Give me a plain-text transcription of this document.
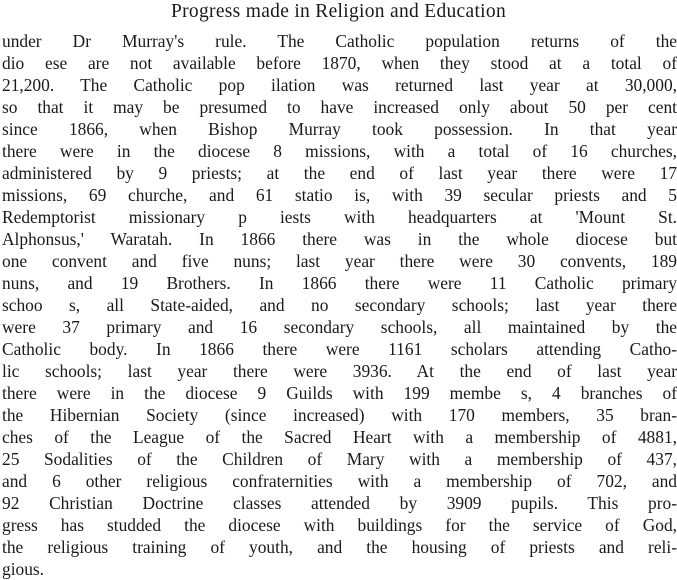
Progress made in Religion and Education
under Dr Murray's rule. The Catholic population returns of the
dio ese are not available before 1870, when they stood at a total of
21,200. The Catholic pop ilation was returned last year at 30,000,
so that it may be presumed to have increased only about 50 per cent
since 1866, when Bishop Murray took possession. In that year
there were in the diocese 8 missions, with a total of 16 churches,
administered by 9 priests; at the end of last year there were 17
missions, 69 churche, and 61 statio is, with 39 secular priests and 5
Redemptorist missionary p iests with headquarters at 'Mount St.
Alphonsus,' Waratah. In 1866 there was in the whole diocese but
one convent and five nuns; last year there were 30 convents, 189
nuns, and 19 Brothers. In 1866 there were 11 Catholic primary
schoo s, all State-aided, and no secondary schools; last year there
were 37 primary and 16 secondary schools, all maintained by the
Catholic body. In 1866 there were 1161 scholars attending Catho-
lic schools; last year there were 3936. At the end of last year
there were in the diocese 9 Guilds with 199 membe s, 4 branches of
the Hibernian Society (since increased) with 170 members, 35 bran-
ches of the League of the Sacred Heart with a membership of 4881,
25 Sodalities of the Children of Mary with a membership of 437,
and 6 other religious confraternities with a membership of 702, and
92 Christian Doctrine classes attended by 3909 pupils. This pro-
gress has studded the diocese with buildings for the service of God,
the religious training of youth, and the housing of priests and reli-
gious.
